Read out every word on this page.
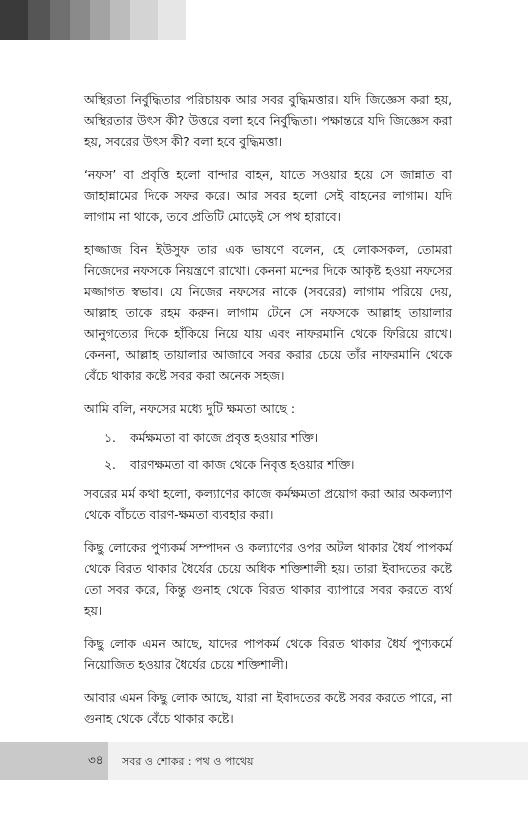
অস্থিরতা নির্বুদ্ধিতার পরিচায়ক আর সবর বুদ্ধিমত্তার। যদি জিজ্ঞেস করা হয়, অস্থিরতার উৎস কী? উত্তরে বলা হবে নির্বুদ্ধিতা। পক্ষান্তরে যদি জিজ্ঞেস করা হয়, সবরের উৎস কী? বলা হবে বুদ্ধিমত্তা।

‘নফস’ বা প্রবৃত্তি হলো বান্দার বাহন, যাতে সওয়ার হয়ে সে জান্নাত বা জাহান্নামের দিকে সফর করে। আর সবর হলো সেই বাহনের লাগাম। যদি লাগাম না থাকে, তবে প্রতিটি মোড়েই সে পথ হারাবে।

হাজ্জাজ বিন ইউসুফ তার এক ভাষণে বলেন, হে লোকসকল, তোমরা নিজেদের নফসকে নিয়ন্ত্রণে রাখো। কেননা মন্দের দিকে আকৃষ্ট হওয়া নফসের মজ্জাগত স্বভাব। যে নিজের নফসের নাকে (সবরের) লাগাম পরিয়ে দেয়, আল্লাহ তাকে রহম করুন। লাগাম টেনে সে নফসকে আল্লাহ তায়ালার আনুগত্যের দিকে হাঁকিয়ে নিয়ে যায় এবং নাফরমানি থেকে ফিরিয়ে রাখে। কেননা, আল্লাহ তায়ালার আজাবে সবর করার চেয়ে তাঁর নাফরমানি থেকে বেঁচে থাকার কষ্টে সবর করা অনেক সহজ।

আমি বলি, নফসের মধ্যে দুটি ক্ষমতা আছে :

১.	কর্মক্ষমতা বা কাজে প্রবৃত্ত হওয়ার শক্তি।
২.	বারণক্ষমতা বা কাজ থেকে নিবৃত্ত হওয়ার শক্তি।

সবরের মর্ম কথা হলো, কল্যাণের কাজে কর্মক্ষমতা প্রয়োগ করা আর অকল্যাণ থেকে বাঁচতে বারণ-ক্ষমতা ব্যবহার করা।

কিছু লোকের পুণ্যকর্ম সম্পাদন ও কল্যাণের ওপর অটল থাকার ধৈর্য পাপকর্ম থেকে বিরত থাকার ধৈর্যের চেয়ে অধিক শক্তিশালী হয়। তারা ইবাদতের কষ্টে তো সবর করে, কিন্তু গুনাহ থেকে বিরত থাকার ব্যাপারে সবর করতে ব্যর্থ হয়।

কিছু লোক এমন আছে, যাদের পাপকর্ম থেকে বিরত থাকার ধৈর্য পুণ্যকর্মে নিয়োজিত হওয়ার ধৈর্যের চেয়ে শক্তিশালী।

আবার এমন কিছু লোক আছে, যারা না ইবাদতের কষ্টে সবর করতে পারে, না গুনাহ থেকে বেঁচে থাকার কষ্টে।

৩৪ সবর ও শোকর : পথ ও পাথেয়
